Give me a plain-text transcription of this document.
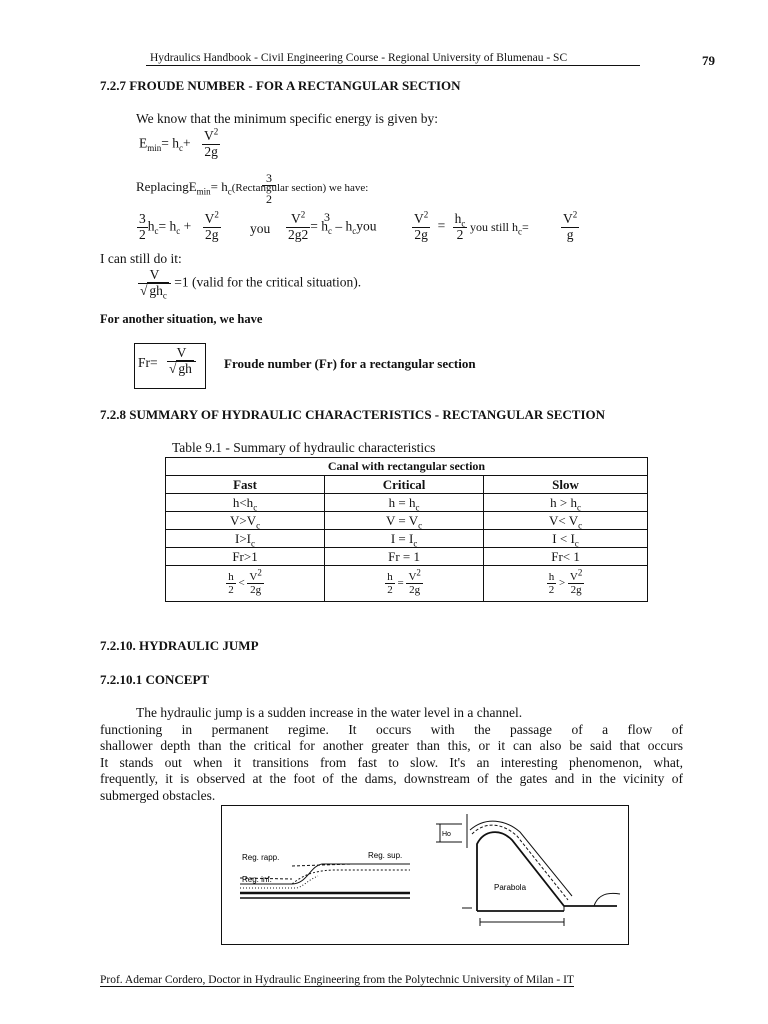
Hydraulics Handbook - Civil Engineering Course - Regional University of Blumenau - SC	79
7.2.7 FROUDE NUMBER - FOR A RECTANGULAR SECTION
We know that the minimum specific energy is given by:
$E_{min}= h_c+ \frac{V^2}{2g}$
3
2
ReplacingE$_{min}$= $h_c(Rectangular$ section) we have:
$\frac{3}{2} h_c= h_c + \frac{V^2}{2g}$ you $\frac{V^2}{2g2} = h_c - h_cyou$
3	$\frac{V^2}{2g} = \frac{h_c}{2}$ you still $h_c= \frac{V^2}{g}$
I can still do it:
$\frac{V}{√ gh_c} =1$ (valid for the critical situation).
For another situation, we have
$Fr= \frac{V}{√ gh}$ Froude number (Fr) for a rectangular section
7.2.8 SUMMARY OF HYDRAULIC CHARACTERISTICS - RECTANGULAR SECTION
Table 9.1 - Summary of hydraulic characteristics
Canal with rectangular section		
Fast	Critical	Slow
$h<h_c$	$h = h_c$	$h > h_c$
$V>V_c$	$V = V_c$	$V< V_c$
$I>I_c$	$I = I_c$	$I < I_c$
Fr>1	Fr = 1	Fr< 1

$\frac{h}{2} < \frac{V^2}{2g}$	$\frac{h}{2} = \frac{V^2}{2g}$	$\frac{h}{2} > \frac{V^2}{2g}$
7.2.10. HYDRAULIC JUMP
7.2.10.1 CONCEPT
The hydraulic jump is a sudden increase in the water level in a channel.
functioning in permanent regime. It occurs with the passage of a flow of
shallower depth than the critical for another greater than this, or it can also be said that occurs
It stands out when it transitions from fast to slow. It's an interesting phenomenon, what,
frequently, it is observed at the foot of the dams, downstream of the gates and in the vicinity of
submerged obstacles.
Reg. rapp.	Reg. sup.
Reg. inf.
Ho
Parabola
Prof. Ademar Cordero, Doctor in Hydraulic Engineering from the Polytechnic University of Milan - IT
